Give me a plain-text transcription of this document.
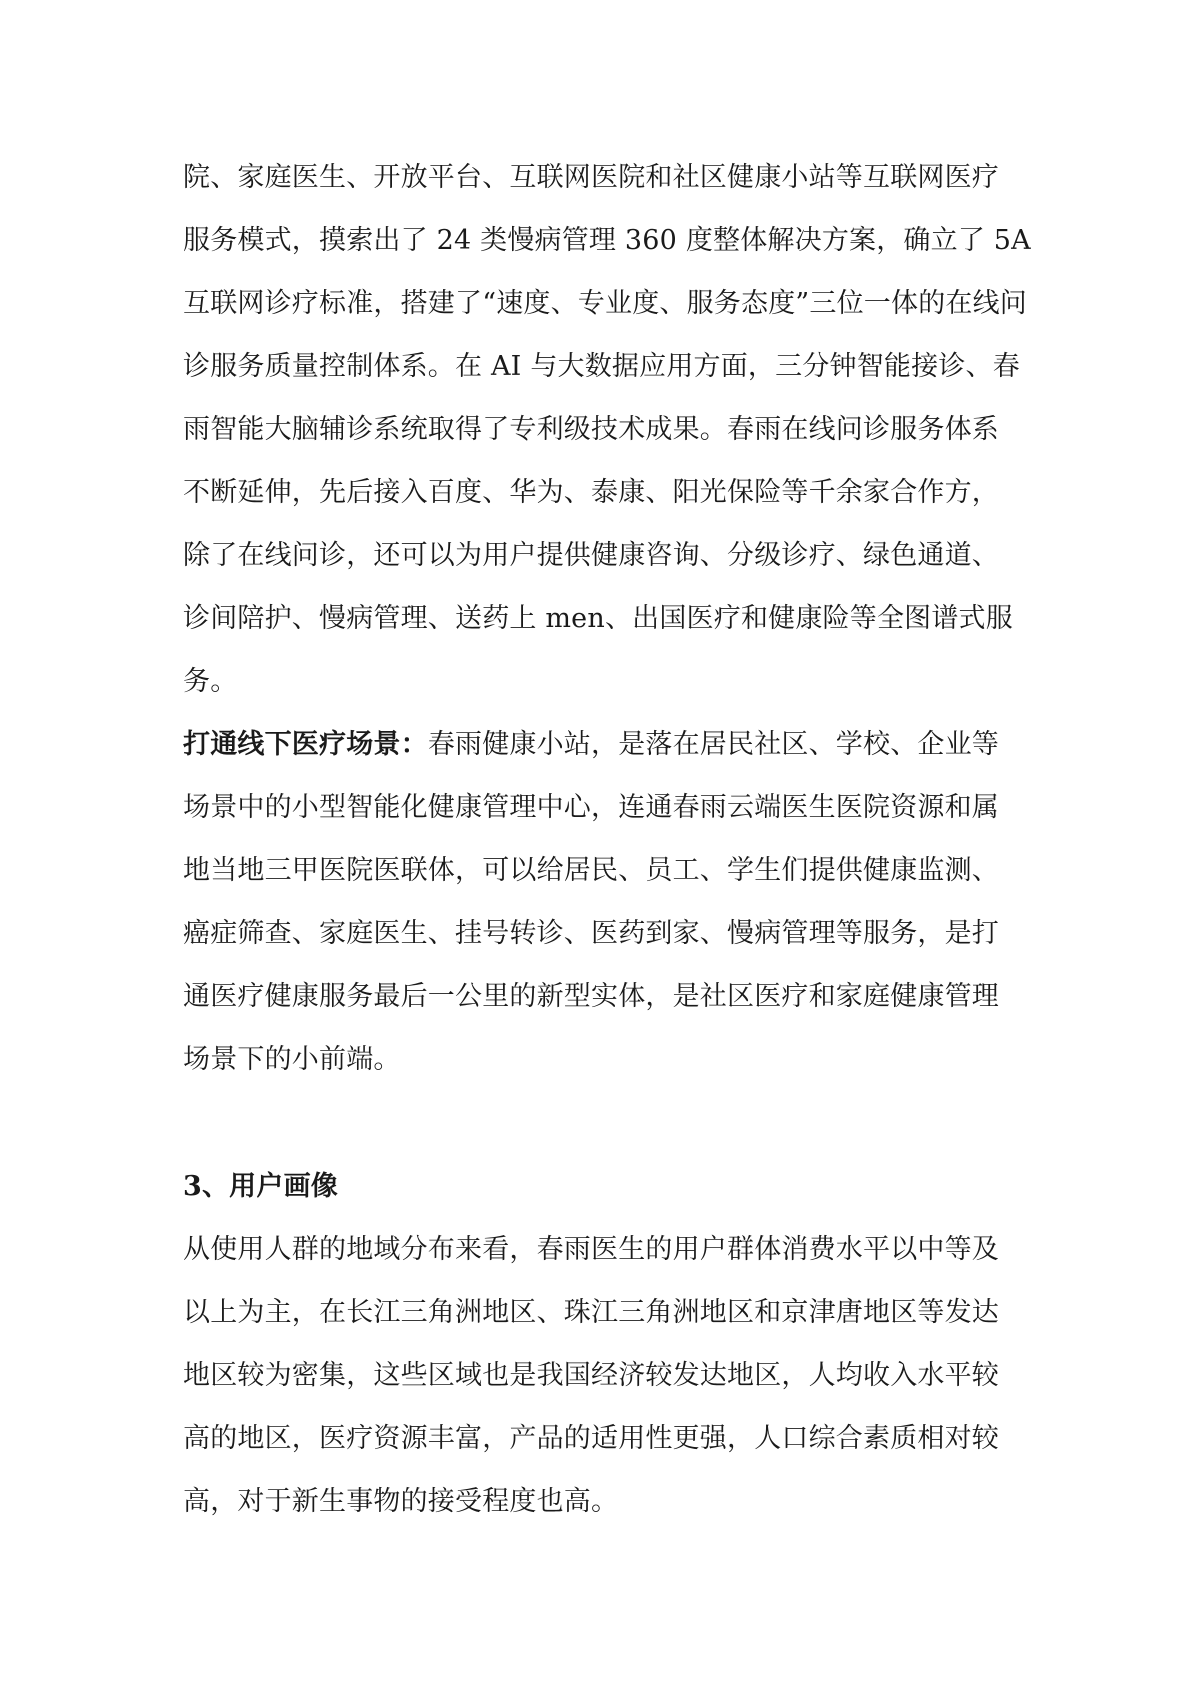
院、家庭医生、开放平台、互联网医院和社区健康小站等互联网医疗
服务模式，摸索出了 24 类慢病管理 360 度整体解决方案，确立了 5A
互联网诊疗标准，搭建了“速度、专业度、服务态度”三位一体的在线问
诊服务质量控制体系。在 AI 与大数据应用方面，三分钟智能接诊、春
雨智能大脑辅诊系统取得了专利级技术成果。春雨在线问诊服务体系
不断延伸，先后接入百度、华为、泰康、阳光保险等千余家合作方，
除了在线问诊，还可以为用户提供健康咨询、分级诊疗、绿色通道、
诊间陪护、慢病管理、送药上 men、出国医疗和健康险等全图谱式服
务。
打通线下医疗场景：春雨健康小站，是落在居民社区、学校、企业等
场景中的小型智能化健康管理中心，连通春雨云端医生医院资源和属
地当地三甲医院医联体，可以给居民、员工、学生们提供健康监测、
癌症筛查、家庭医生、挂号转诊、医药到家、慢病管理等服务，是打
通医疗健康服务最后一公里的新型实体，是社区医疗和家庭健康管理
场景下的小前端。
3、用户画像
从使用人群的地域分布来看，春雨医生的用户群体消费水平以中等及
以上为主，在长江三角洲地区、珠江三角洲地区和京津唐地区等发达
地区较为密集，这些区域也是我国经济较发达地区，人均收入水平较
高的地区，医疗资源丰富，产品的适用性更强，人口综合素质相对较
高，对于新生事物的接受程度也高。
